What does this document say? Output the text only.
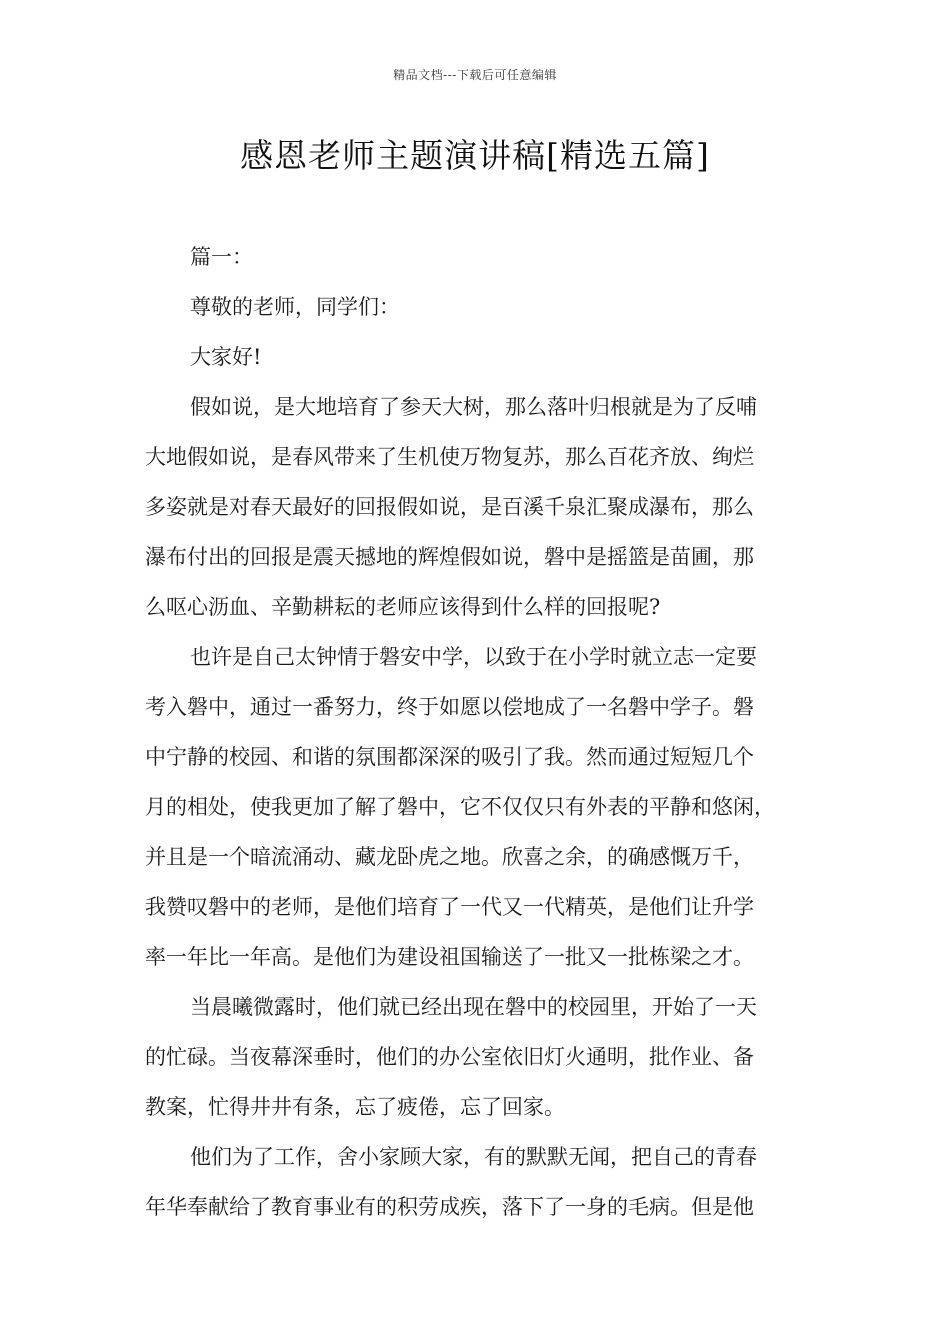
精品文档---下载后可任意编辑
感恩老师主题演讲稿[精选五篇]
篇一：
尊敬的老师，同学们：
大家好!
假如说，是大地培育了参天大树，那么落叶归根就是为了反哺
大地假如说，是春风带来了生机使万物复苏，那么百花齐放、绚烂
多姿就是对春天最好的回报假如说，是百溪千泉汇聚成瀑布，那么
瀑布付出的回报是震天撼地的辉煌假如说，磐中是摇篮是苗圃，那
么呕心沥血、辛勤耕耘的老师应该得到什么样的回报呢?
也许是自己太钟情于磐安中学，以致于在小学时就立志一定要
考入磐中，通过一番努力，终于如愿以偿地成了一名磐中学子。磐
中宁静的校园、和谐的氛围都深深的吸引了我。然而通过短短几个
月的相处，使我更加了解了磐中，它不仅仅只有外表的平静和悠闲，
并且是一个暗流涌动、藏龙卧虎之地。欣喜之余，的确感慨万千，
我赞叹磐中的老师，是他们培育了一代又一代精英，是他们让升学
率一年比一年高。是他们为建设祖国输送了一批又一批栋梁之才。
当晨曦微露时，他们就已经出现在磐中的校园里，开始了一天
的忙碌。当夜幕深垂时，他们的办公室依旧灯火通明，批作业、备
教案，忙得井井有条，忘了疲倦，忘了回家。
他们为了工作，舍小家顾大家，有的默默无闻，把自己的青春
年华奉献给了教育事业有的积劳成疾，落下了一身的毛病。但是他
